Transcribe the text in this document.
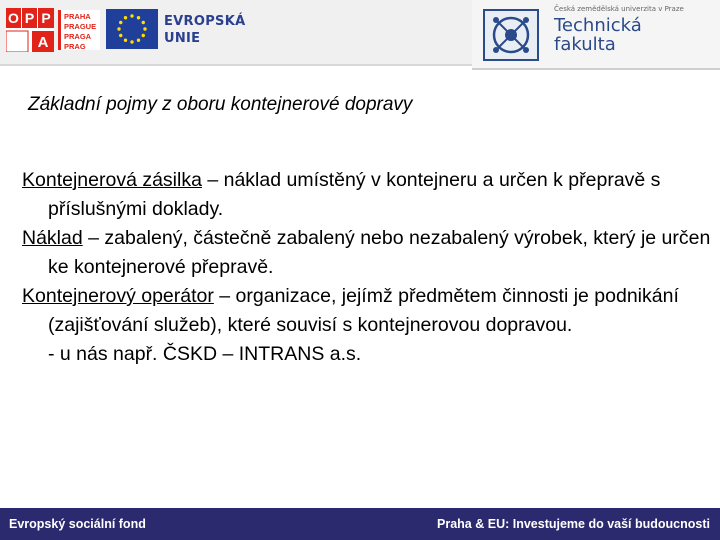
O P P
A
PRAHA
PRAGUE
PRAGA
PRAG
EVROPSKÁ
UNIE
Česká zemědělská univerzita v Praze
Technická
fakulta
Základní pojmy z oboru kontejnerové dopravy
Kontejnerová zásilka – náklad umístěný v kontejneru a určen k přepravě s příslušnými doklady.
Náklad – zabalený, částečně zabalený nebo nezabalený výrobek, který je určen ke kontejnerové přepravě.
Kontejnerový operátor – organizace, jejímž předmětem činnosti je podnikání (zajišťování služeb), které souvisí s kontejnerovou dopravou.
- u nás např. ČSKD – INTRANS a.s.
Evropský sociální fond	Praha & EU: Investujeme do vaší budoucnosti
